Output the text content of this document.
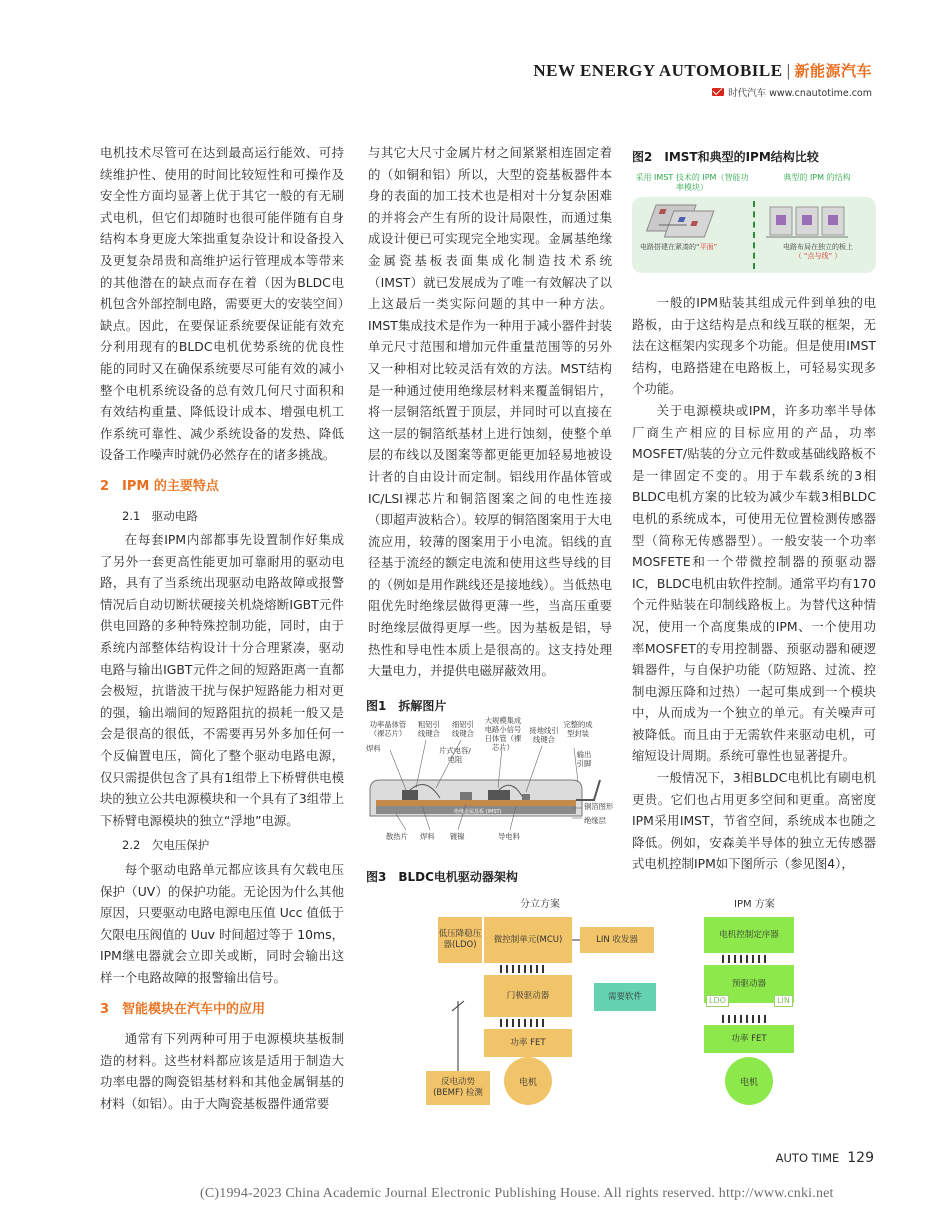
NEW ENERGY AUTOMOBILE | 新能源汽车
时代汽车 www.cnautotime.com

电机技术尽管可在达到最高运行能效、可持续维护性、使用的时间比较短性和可操作及安全性方面均显著上优于其它一般的有无刷式电机，但它们却随时也很可能伴随有自身结构本身更庞大笨拙重复杂设计和设备投入及更复杂昂贵和高维护运行管理成本等带来的其他潜在的缺点而存在着（因为BLDC电机包含外部控制电路，需要更大的安装空间）缺点。因此，在要保证系统要保证能有效充分利用现有的BLDC电机优势系统的优良性能的同时又在确保系统要尽可能有效的减小整个电机系统设备的总有效几何尺寸面积和有效结构重量、降低设计成本、增强电机工作系统可靠性、减少系统设备的发热、降低设备工作噪声时就仍必然存在的诸多挑战。

2　IPM 的主要特点
2.1　驱动电路

在每套IPM内部都事先设置制作好集成了另外一套更高性能更加可靠耐用的驱动电路，具有了当系统出现驱动电路故障或报警情况后自动切断状硬接关机烧熔断IGBT元件供电回路的多种特殊控制功能，同时，由于系统内部整体结构设计十分合理紧凑，驱动电路与输出IGBT元件之间的短路距离一直都会极短，抗谐波干扰与保护短路能力相对更的强，输出端间的短路阻抗的损耗一般又是会是很高的很低，不需要再另外多加任何一个反偏置电压，简化了整个驱动电路电源，仅只需提供包含了具有1组带上下桥臂供电模块的独立公共电源模块和一个具有了3组带上下桥臂电源模块的独立“浮地”电源。

2.2　欠电压保护

每个驱动电路单元都应该具有欠载电压保护（UV）的保护功能。无论因为什么其他原因，只要驱动电路电源电压值 Ucc 值低于欠限电压阀值的 Uuv 时间超过等于 10ms，IPM继电器就会立即关或断，同时会输出这样一个电路故障的报警输出信号。

3　智能模块在汽车中的应用

通常有下列两种可用于电源模块基板制造的材料。这些材料都应该是适用于制造大功率电器的陶瓷铝基材料和其他金属铜基的材料（如铝）。由于大陶瓷基板器件通常要

与其它大尺寸金属片材之间紧紧相连固定着的（如铜和铝）所以，大型的瓷基板器件本身的表面的加工技术也是相对十分复杂困难的并将会产生有所的设计局限性，而通过集成设计便已可实现完全地实现。金属基绝缘金属瓷基板表面集成化制造技术系统（IMST）就已发展成为了唯一有效解决了以上这最后一类实际问题的其中一种方法。IMST集成技术是作为一种用于减小器件封装单元尺寸范围和增加元件重量范围等的另外又一种相对比较灵活有效的方法。MST结构是一种通过使用绝缘层材料来覆盖铜铝片，将一层铜箔纸置于顶层，并同时可以直接在这一层的铜箔纸基材上进行蚀刻，使整个单层的布线以及图案等都更能更加轻易地被设计者的自由设计而定制。铝线用作晶体管或IC/LSI裸芯片和铜箔图案之间的电性连接（即超声波粘合）。较厚的铜箔图案用于大电流应用，较薄的图案用于小电流。铝线的直径基于流经的额定电流和使用这些导线的目的（例如是用作跳线还是接地线）。当低热电阻优先时绝缘层做得更薄一些，当高压重要时绝缘层做得更厚一些。因为基板是铝，导热性和导电性本质上是很高的。这支持处理大量电力，并提供电磁屏蔽效用。

一般的IPM贴装其组成元件到单独的电路板，由于这结构是点和线互联的框架，无法在这框架内实现多个功能。但是使用IMST结构，电路搭建在电路板上，可轻易实现多个功能。

关于电源模块或IPM，许多功率半导体厂商生产相应的目标应用的产品，功率MOSFET/贴装的分立元件数或基础线路板不是一律固定不变的。用于车载系统的3相BLDC电机方案的比较为减少车载3相BLDC电机的系统成本，可使用无位置检测传感器型（简称无传感器型）。一般安装一个功率MOSFETE和一个带微控制器的预驱动器IC，BLDC电机由软件控制。通常平均有170个元件贴装在印制线路板上。为替代这种情况，使用一个高度集成的IPM、一个使用功率MOSFET的专用控制器、预驱动器和硬逻辑器件，与自保护功能（防短路、过流、控制电源压降和过热）一起可集成到一个模块中，从而成为一个独立的单元。有关噪声可被降低。而且由于无需软件来驱动电机，可缩短设计周期。系统可靠性也显著提升。

一般情况下，3相BLDC电机比有刷电机更贵。它们也占用更多空间和更重。高密度IPM采用IMST，节省空间，系统成本也随之降低。例如，安森美半导体的独立无传感器式电机控制IPM如下图所示（参见图4），

图2　IMST和典型的IPM结构比较
采用 IMST 技术的 IPM（智能功率模块）
典型的 IPM 的结构
电路搭建在紧凑的“平面”	电路布局在独立的板上
（ “点与线” ）
图1　拆解图片
功率晶体管（裸芯片）
粗铝引线键合
细铝引线键合
大规模集成电路小信号日体管（裸芯片）
接地线引线键合
完整的成型封装
焊料	片式电容/电阻
输出引脚
绝缘金属基板 (IMST)
铜箔图形
绝缘层
散热片 焊料 镀镍	导电料
图3　BLDC电机驱动器架构
分立方案	IPM 方案
低压降稳压器(LDO)
微控制单元(MCU)	LIN 收发器
门极驱动器	需要软件
功率 FET
反电动势(BEMF) 检测
电机
电机控制定序器
预驱动器
LDO	LIN
功率 FET
电机
AUTO TIME 129
(C)1994-2023 China Academic Journal Electronic Publishing House. All rights reserved. http://www.cnki.net
